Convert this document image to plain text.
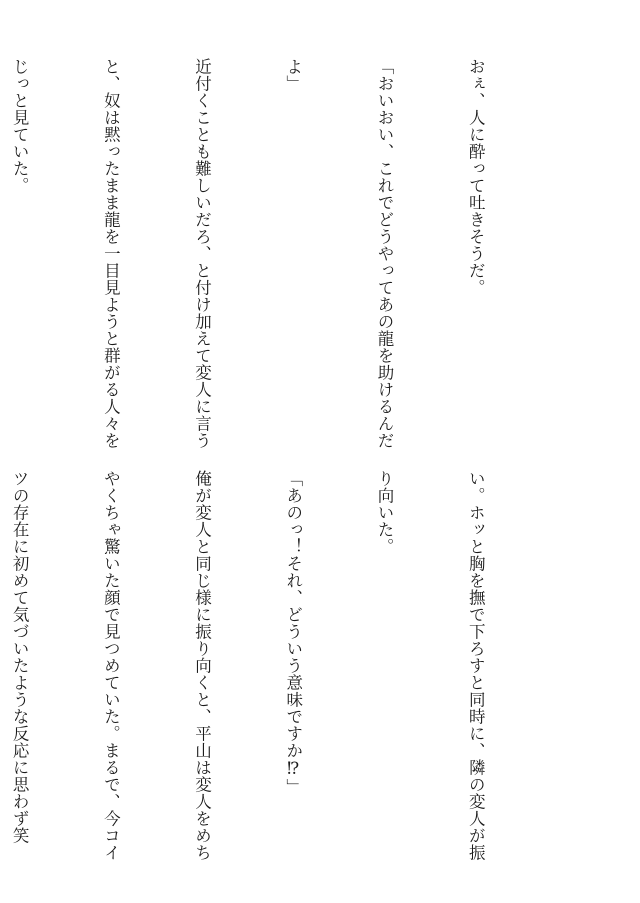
おぇ、人に酔って吐きそうだ。

「おいおい、これでどうやってあの龍を助けるんだ

よ」

近付くことも難しいだろ、と付け加えて変人に言う

と、奴は黙ったまま龍を一目見ようと群がる人々を

じっと見ていた。

い。ホッと胸を撫で下ろすと同時に、隣の変人が振

り向いた。

「あのっ！それ、どういう意味ですか⁉」

俺が変人と同じ様に振り向くと、平山は変人をめち

やくちゃ驚いた顔で見つめていた。まるで、今コイ

ツの存在に初めて気づいたような反応に思わず笑
